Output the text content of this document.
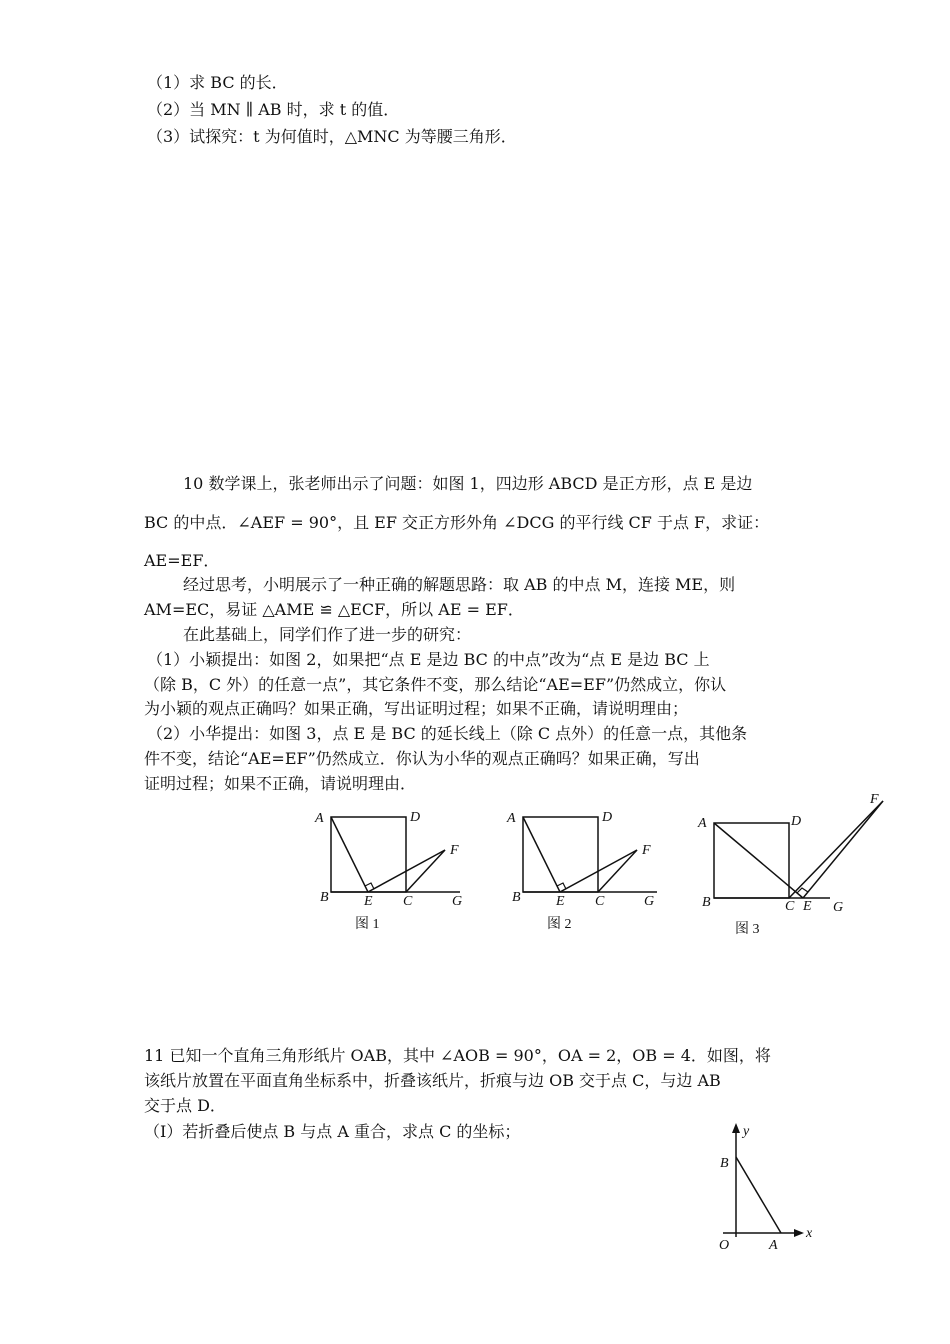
（1）求 BC 的长．
（2）当 MN ∥ AB 时，求 t 的值．
（3）试探究：t 为何值时，△MNC 为等腰三角形．
10 数学课上，张老师出示了问题：如图 1，四边形 ABCD 是正方形，点 E 是边
BC 的中点．∠AEF = 90°，且 EF 交正方形外角 ∠DCG 的平行线 CF 于点 F，求证：
AE=EF．
经过思考，小明展示了一种正确的解题思路：取 AB 的中点 M，连接 ME，则
AM=EC，易证 △AME ≌ △ECF，所以 AE = EF．
在此基础上，同学们作了进一步的研究：
（1）小颖提出：如图 2，如果把“点 E 是边 BC 的中点”改为“点 E 是边 BC 上
（除 B，C 外）的任意一点”，其它条件不变，那么结论“AE=EF”仍然成立，你认
为小颖的观点正确吗？如果正确，写出证明过程；如果不正确，请说明理由；
（2）小华提出：如图 3，点 E 是 BC 的延长线上（除 C 点外）的任意一点，其他条
件不变，结论“AE=EF”仍然成立．你认为小华的观点正确吗？如果正确，写出
证明过程；如果不正确，请说明理由．
A	D
F
B	E C	G
图 1
A	D
F
B	E C	G
图 2
A	D
F
B	C E G
图 3
11 已知一个直角三角形纸片 OAB，其中 ∠AOB = 90°，OA = 2，OB = 4．如图，将
该纸片放置在平面直角坐标系中，折叠该纸片，折痕与边 OB 交于点 C，与边 AB
交于点 D．
（Ⅰ）若折叠后使点 B 与点 A 重合，求点 C 的坐标；	y
x
B
O	A
